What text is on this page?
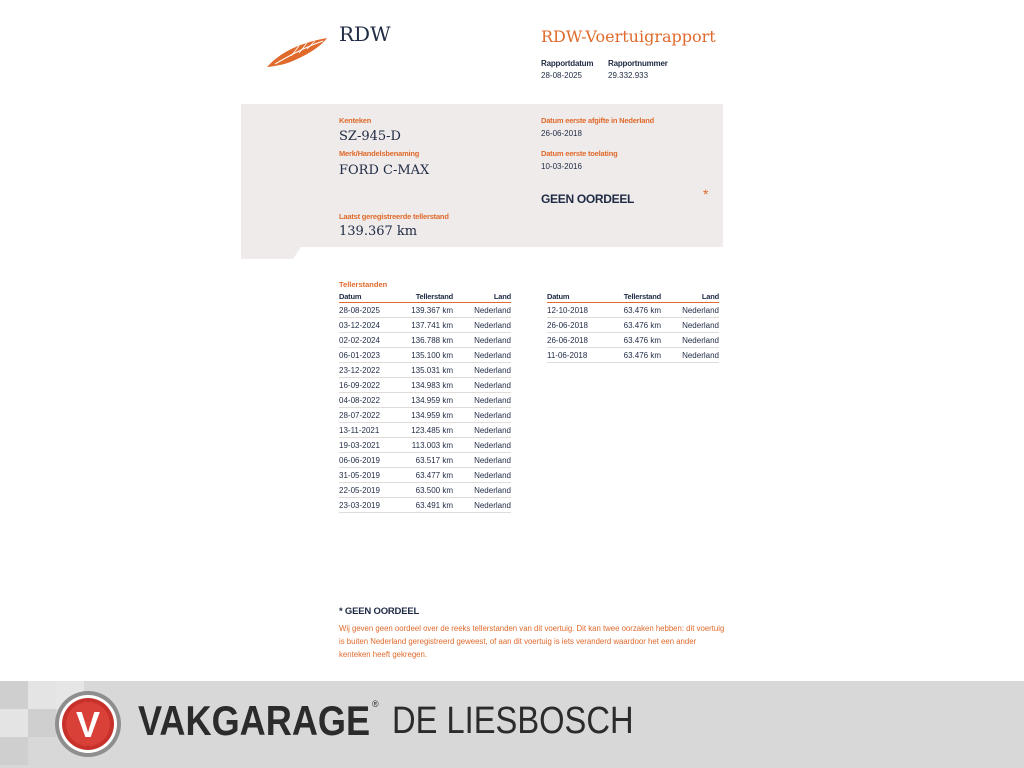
RDW	RDW-Voertuigrapport
Rapportdatum Rapportnummer
28-08-2025	29.332.933
Kenteken
SZ-945-D
Merk/Handelsbenaming
FORD C-MAX
Datum eerste afgifte in Nederland
26-06-2018
Datum eerste toelating
10-03-2016
GEEN OORDEEL	*
Laatst geregistreerde tellerstand
139.367 km
Tellerstanden
Datum	Tellerstand	Land
28-08-2025	139.367 km	Nederland
03-12-2024	137.741 km	Nederland
02-02-2024	136.788 km	Nederland
06-01-2023	135.100 km	Nederland
23-12-2022	135.031 km	Nederland
16-09-2022	134.983 km	Nederland
04-08-2022	134.959 km	Nederland
28-07-2022	134.959 km	Nederland
13-11-2021	123.485 km	Nederland
19-03-2021	113.003 km	Nederland
06-06-2019	63.517 km	Nederland
31-05-2019	63.477 km	Nederland
22-05-2019	63.500 km	Nederland
23-03-2019	63.491 km	Nederland
Datum	Tellerstand	Land
12-10-2018	63.476 km	Nederland
26-06-2018	63.476 km	Nederland
26-06-2018	63.476 km	Nederland
11-06-2018	63.476 km	Nederland
* GEEN OORDEEL
Wij geven geen oordeel over de reeks tellerstanden van dit voertuig. Dit kan twee oorzaken hebben: dit voertuig is buiten Nederland geregistreerd geweest, of aan dit voertuig is iets veranderd waardoor het een ander kenteken heeft gekregen.
V VAKGARAGE ® DE LIESBOSCH
